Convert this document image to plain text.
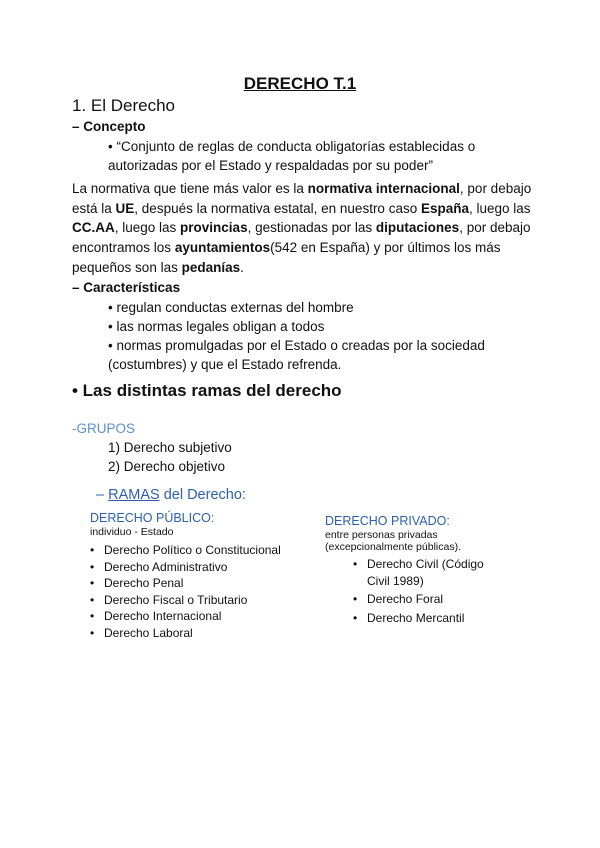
DERECHO T.1
1. El Derecho
– Concepto
• “Conjunto de reglas de conducta obligatorías establecidas o
autorizadas por el Estado y respaldadas por su poder”
La normativa que tiene más valor es la normativa internacional, por debajo está la UE, después la normativa estatal, en nuestro caso España, luego las CC.AA, luego las provincias, gestionadas por las diputaciones, por debajo encontramos los ayuntamientos(542 en España) y por últimos los más pequeños son las pedanías.
– Características
• regulan conductas externas del hombre
• las normas legales obligan a todos
• normas promulgadas por el Estado o creadas por la sociedad
(costumbres) y que el Estado refrenda.
• Las distintas ramas del derecho
-GRUPOS
1) Derecho subjetivo
2) Derecho objetivo
– RAMAS del Derecho:
DERECHO PÚBLICO:
individuo - Estado
• Derecho Político o Constitucional
• Derecho Administrativo
• Derecho Penal
• Derecho Fiscal o Tributario
• Derecho Internacional
• Derecho Laboral
DERECHO PRIVADO:
entre personas privadas
(excepcionalmente públicas).
• Derecho Civil (Código Civil 1989)
• Derecho Foral
• Derecho Mercantil
